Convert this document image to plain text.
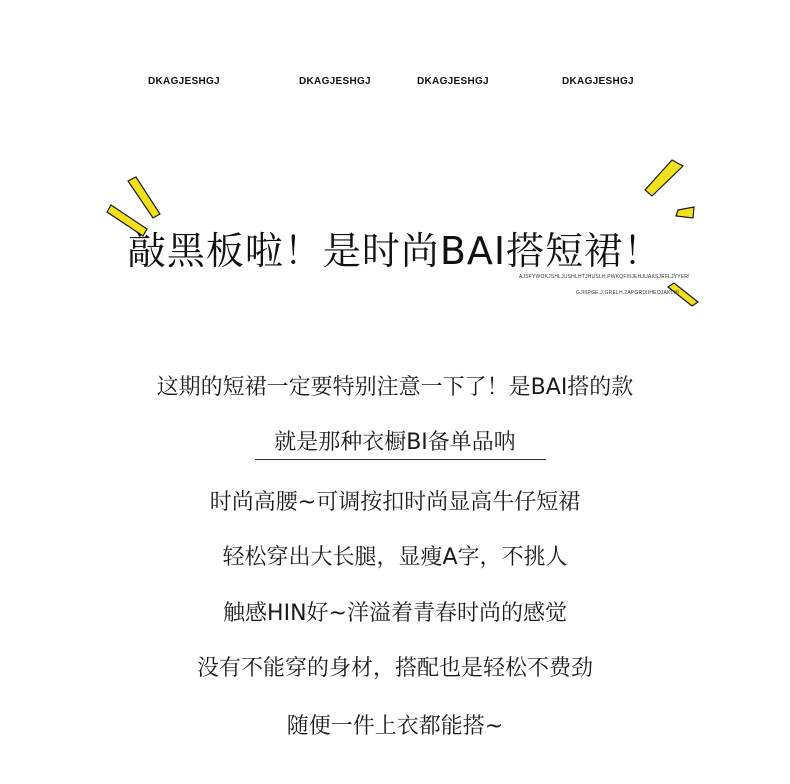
DKAGJESHGJ	DKAGJESHGJ	DKAGJESHGJ	DKAGJESHGJ
敲黑板啦！是时尚BAI搭短裙！
AJSFYWOKJSHLJUSHLHTJHUSLH.PWKQFIIIJEHJUAKSJEFLJYYER!
GJIIIPGE.J.GRELH.2APGRDIIHEOJAKLHI
这期的短裙一定要特别注意一下了！是BAI搭的款
就是那种衣橱BI备单品呐
时尚高腰~可调按扣时尚显高牛仔短裙
轻松穿出大长腿，显瘦A字，不挑人
触感HIN好~洋溢着青春时尚的感觉
没有不能穿的身材，搭配也是轻松不费劲
随便一件上衣都能搭~
